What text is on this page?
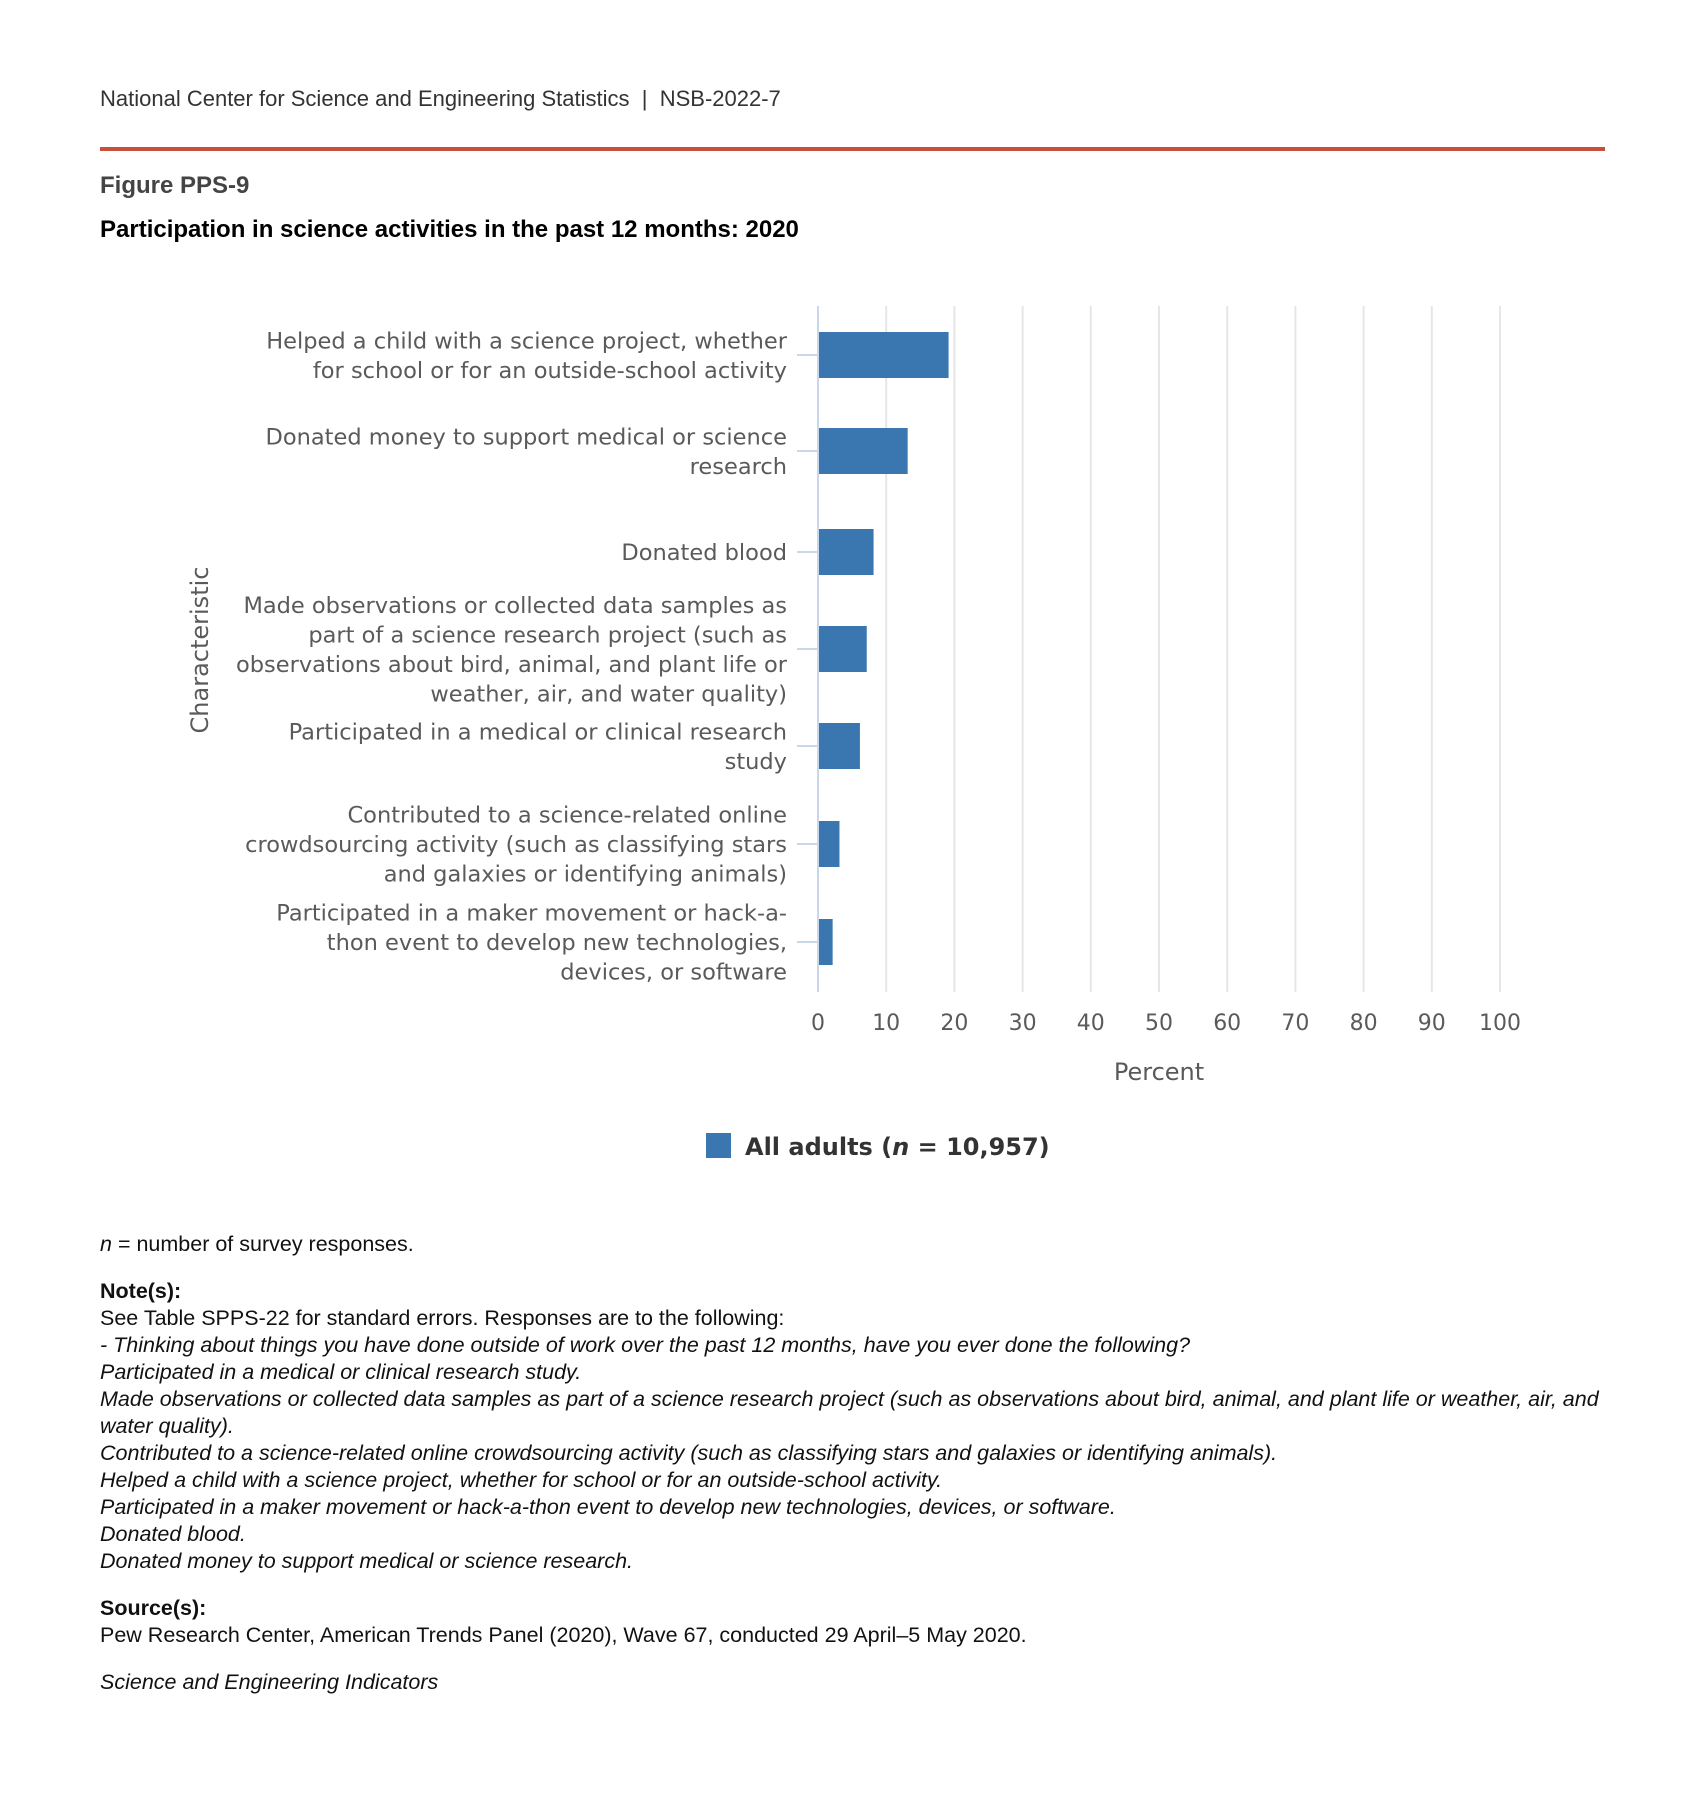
National Center for Science and Engineering Statistics | NSB-2022-7
Figure PPS-9
Participation in science activities in the past 12 months: 2020
Helped a child with a science project, whether for school or for an outside-school activity
Donated money to support medical or science research
Donated blood
Made observations or collected data samples as part of a science research project (such as observations about bird, animal, and plant life or weather, air, and water quality)
Participated in a medical or clinical research study
Contributed to a science-related online crowdsourcing activity (such as classifying stars and galaxies or identifying animals)
Participated in a maker movement or hack-a-thon event to develop new technologies, devices, or software
0 10 20 30 40 50 60 70 80 90 100
Percent
Characteristic
All adults (n = 10,957)

n = number of survey responses.

Note(s):

See Table SPPS-22 for standard errors. Responses are to the following:

- Thinking about things you have done outside of work over the past 12 months, have you ever done the following?

Participated in a medical or clinical research study.

Made observations or collected data samples as part of a science research project (such as observations about bird, animal, and plant life or weather, air, and water quality).

Contributed to a science-related online crowdsourcing activity (such as classifying stars and galaxies or identifying animals).

Helped a child with a science project, whether for school or for an outside-school activity.

Participated in a maker movement or hack-a-thon event to develop new technologies, devices, or software.

Donated blood.

Donated money to support medical or science research.

Source(s):

Pew Research Center, American Trends Panel (2020), Wave 67, conducted 29 April–5 May 2020.

Science and Engineering Indicators
